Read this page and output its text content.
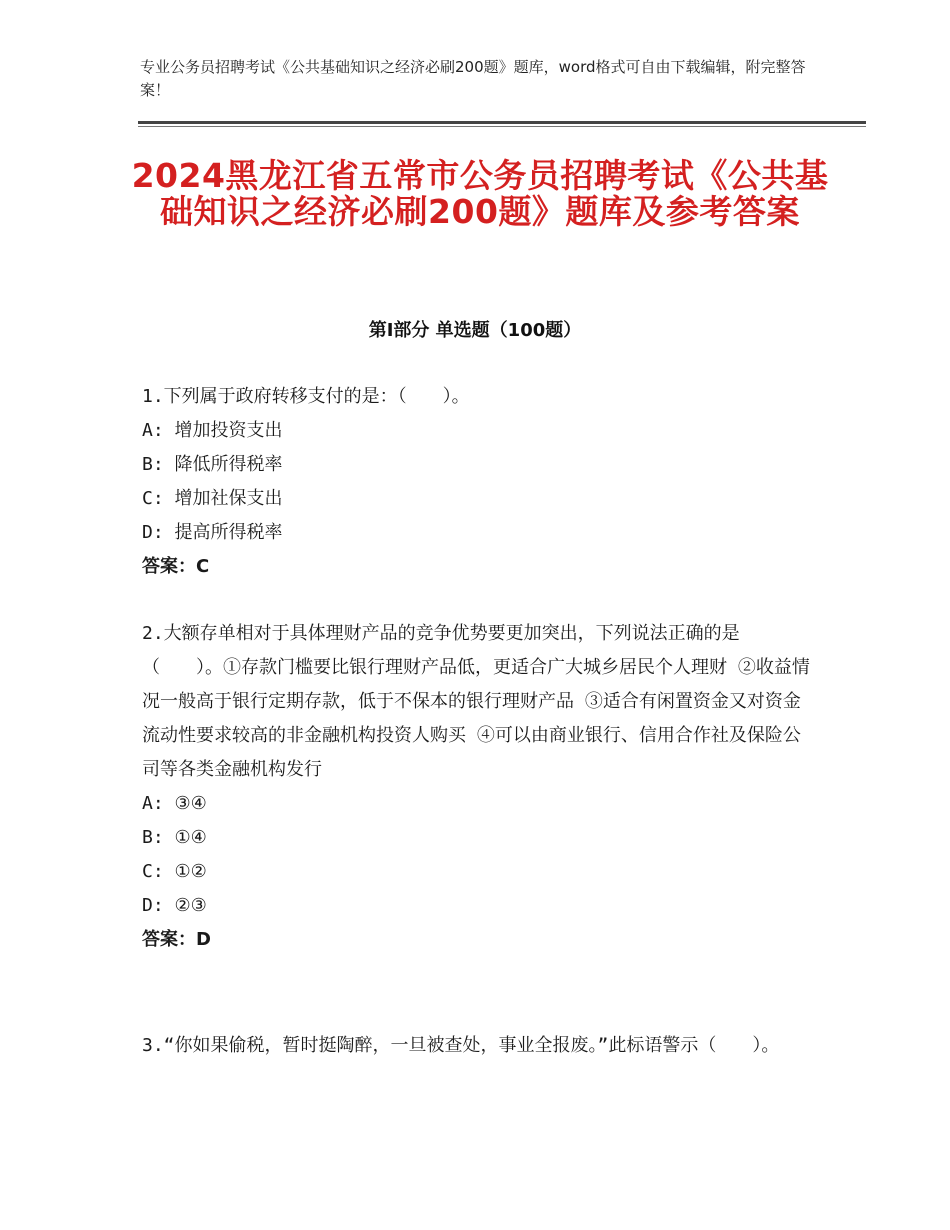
专业公务员招聘考试《公共基础知识之经济必刷200题》题库，word格式可自由下载编辑，附完整答案！
2024黑龙江省五常市公务员招聘考试《公共基础知识之经济必刷200题》题库及参考答案
第Ⅰ部分 单选题（100题）

1.下列属于政府转移支付的是：（　　）。

A: 增加投资支出

B: 降低所得税率

C: 增加社保支出

D: 提高所得税率

答案：C

2.大额存单相对于具体理财产品的竞争优势要更加突出，下列说法正确的是（　　）。①存款门槛要比银行理财产品低，更适合广大城乡居民个人理财 ②收益情况一般高于银行定期存款，低于不保本的银行理财产品 ③适合有闲置资金又对资金流动性要求较高的非金融机构投资人购买 ④可以由商业银行、信用合作社及保险公司等各类金融机构发行

A: ③④

B: ①④

C: ①②

D: ②③

答案：D

3.“你如果偷税，暂时挺陶醉，一旦被查处，事业全报废。”此标语警示（　　）。
